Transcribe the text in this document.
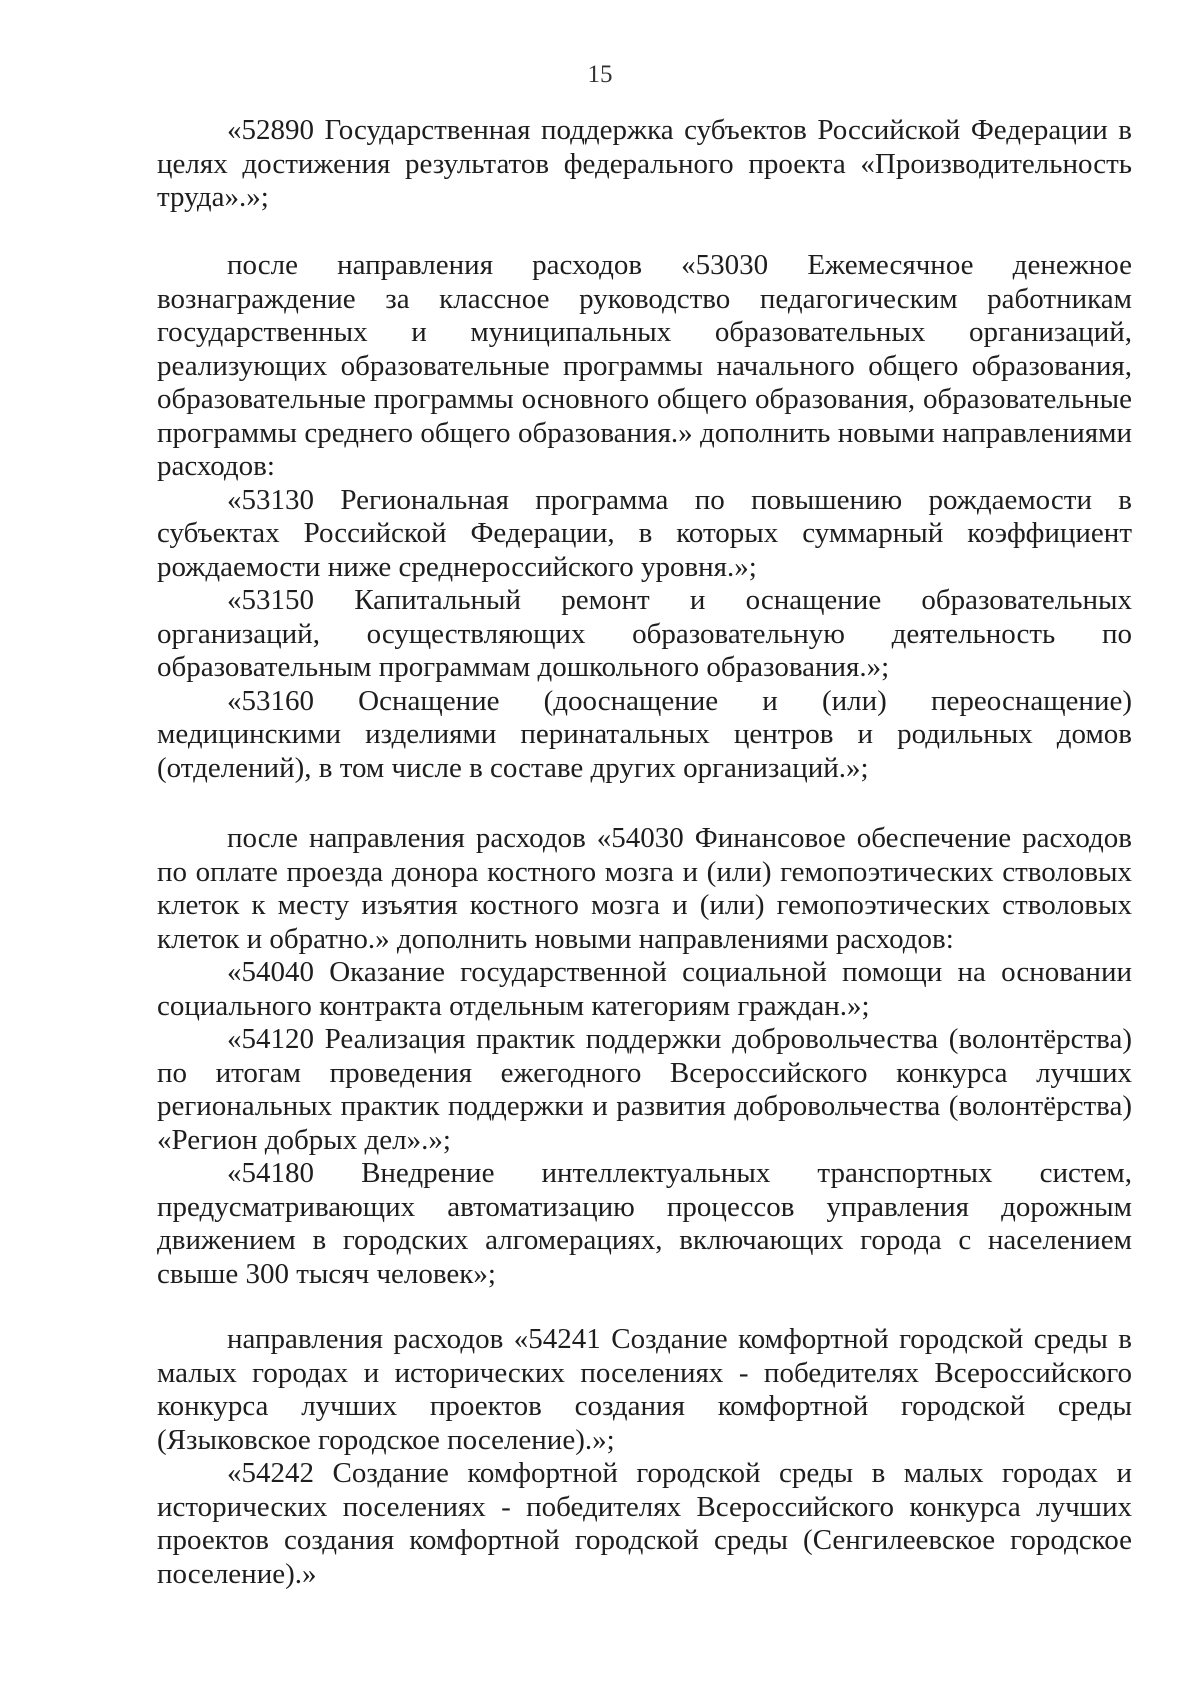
15

«52890 Государственная поддержка субъектов Российской Федерации в целях достижения результатов федерального проекта «Производительность труда».»;

после направления расходов «53030 Ежемесячное денежное вознаграждение за классное руководство педагогическим работникам государственных и муниципальных образовательных организаций, реализующих образовательные программы начального общего образования, образовательные программы основного общего образования, образовательные программы среднего общего образования.» дополнить новыми направлениями расходов:

«53130 Региональная программа по повышению рождаемости в субъектах Российской Федерации, в которых суммарный коэффициент рождаемости ниже среднероссийского уровня.»;

«53150 Капитальный ремонт и оснащение образовательных организаций, осуществляющих образовательную деятельность по образовательным программам дошкольного образования.»;

«53160 Оснащение (дооснащение и (или) переоснащение) медицинскими изделиями перинатальных центров и родильных домов (отделений), в том числе в составе других организаций.»;

после направления расходов «54030 Финансовое обеспечение расходов по оплате проезда донора костного мозга и (или) гемопоэтических стволовых клеток к месту изъятия костного мозга и (или) гемопоэтических стволовых клеток и обратно.» дополнить новыми направлениями расходов:

«54040 Оказание государственной социальной помощи на основании социального контракта отдельным категориям граждан.»;

«54120 Реализация практик поддержки добровольчества (волонтёрства) по итогам проведения ежегодного Всероссийского конкурса лучших региональных практик поддержки и развития добровольчества (волонтёрства) «Регион добрых дел».»;

«54180 Внедрение интеллектуальных транспортных систем, предусматривающих автоматизацию процессов управления дорожным движением в городских алгомерациях, включающих города с населением свыше 300 тысяч человек»;

направления расходов «54241 Создание комфортной городской среды в малых городах и исторических поселениях - победителях Всероссийского конкурса лучших проектов создания комфортной городской среды (Языковское городское поселение).»;

«54242 Создание комфортной городской среды в малых городах и исторических поселениях - победителях Всероссийского конкурса лучших проектов создания комфортной городской среды (Сенгилеевское городское поселение).»
